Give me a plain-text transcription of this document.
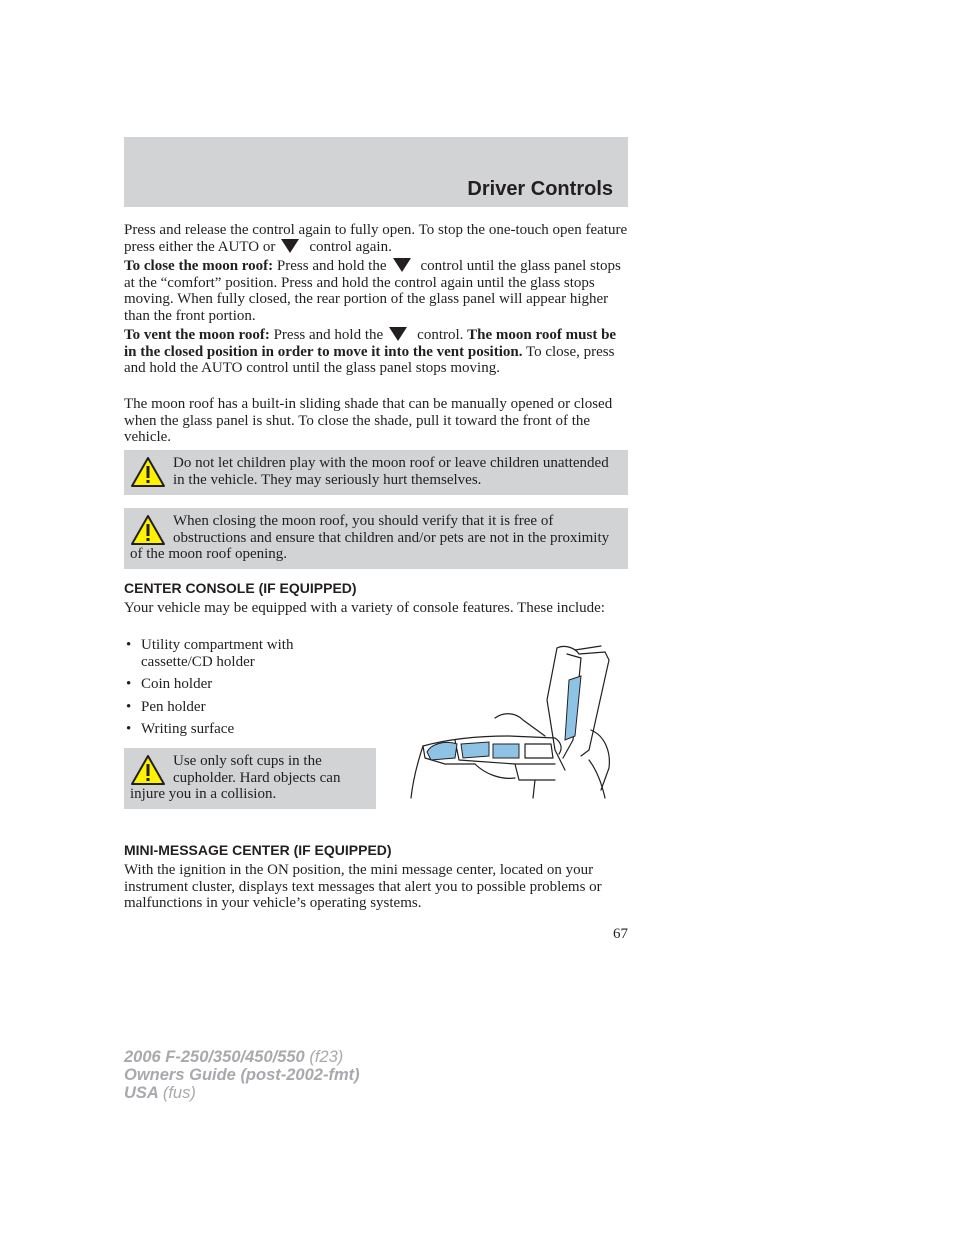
Driver Controls

Press and release the control again to fully open. To stop the one-touch open feature press either the AUTO or control again.

To close the moon roof: Press and hold the control until the glass panel stops at the “comfort” position. Press and hold the control again until the glass stops moving. When fully closed, the rear portion of the glass panel will appear higher than the front portion.

To vent the moon roof: Press and hold the control. The moon roof must be in the closed position in order to move it into the vent position. To close, press and hold the AUTO control until the glass panel stops moving.

The moon roof has a built-in sliding shade that can be manually opened or closed when the glass panel is shut. To close the shade, pull it toward the front of the vehicle.

Do not let children play with the moon roof or leave children unattended in the vehicle. They may seriously hurt themselves.
When closing the moon roof, you should verify that it is free of obstructions and ensure that children and/or pets are not in the proximity of the moon roof opening.
CENTER CONSOLE (IF EQUIPPED)

Your vehicle may be equipped with a variety of console features. These include:

• Utility compartment with cassette/CD holder
• Coin holder
• Pen holder
• Writing surface
Use only soft cups in the cupholder. Hard objects can injure you in a collision.
MINI-MESSAGE CENTER (IF EQUIPPED)

With the ignition in the ON position, the mini message center, located on your instrument cluster, displays text messages that alert you to possible problems or malfunctions in your vehicle’s operating systems.

67
2006 F-250/350/450/550 (f23)
Owners Guide (post-2002-fmt)
USA (fus)
